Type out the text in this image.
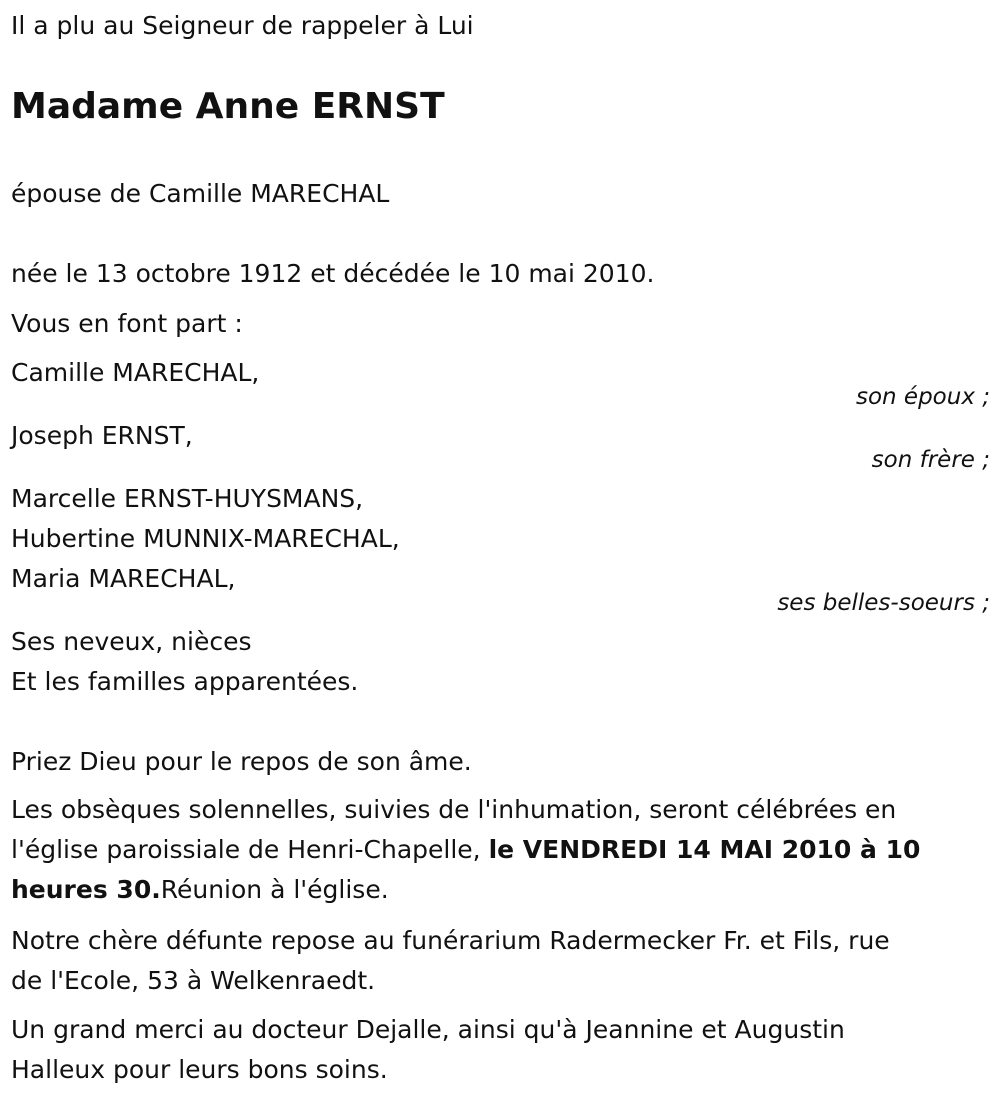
Il a plu au Seigneur de rappeler à Lui
Madame Anne ERNST
épouse de Camille MARECHAL
née le 13 octobre 1912 et décédée le 10 mai 2010.
Vous en font part :
Camille MARECHAL,
son époux ;
Joseph ERNST,
son frère ;
Marcelle ERNST-HUYSMANS,
Hubertine MUNNIX-MARECHAL,
Maria MARECHAL,
ses belles-soeurs ;
Ses neveux, nièces
Et les familles apparentées.
Priez Dieu pour le repos de son âme.
Les obsèques solennelles, suivies de l'inhumation, seront célébrées en
l'église paroissiale de Henri-Chapelle, le VENDREDI 14 MAI 2010 à 10
heures 30.Réunion à l'église.
Notre chère défunte repose au funérarium Radermecker Fr. et Fils, rue
de l'Ecole, 53 à Welkenraedt.
Un grand merci au docteur Dejalle, ainsi qu'à Jeannine et Augustin
Halleux pour leurs bons soins.
